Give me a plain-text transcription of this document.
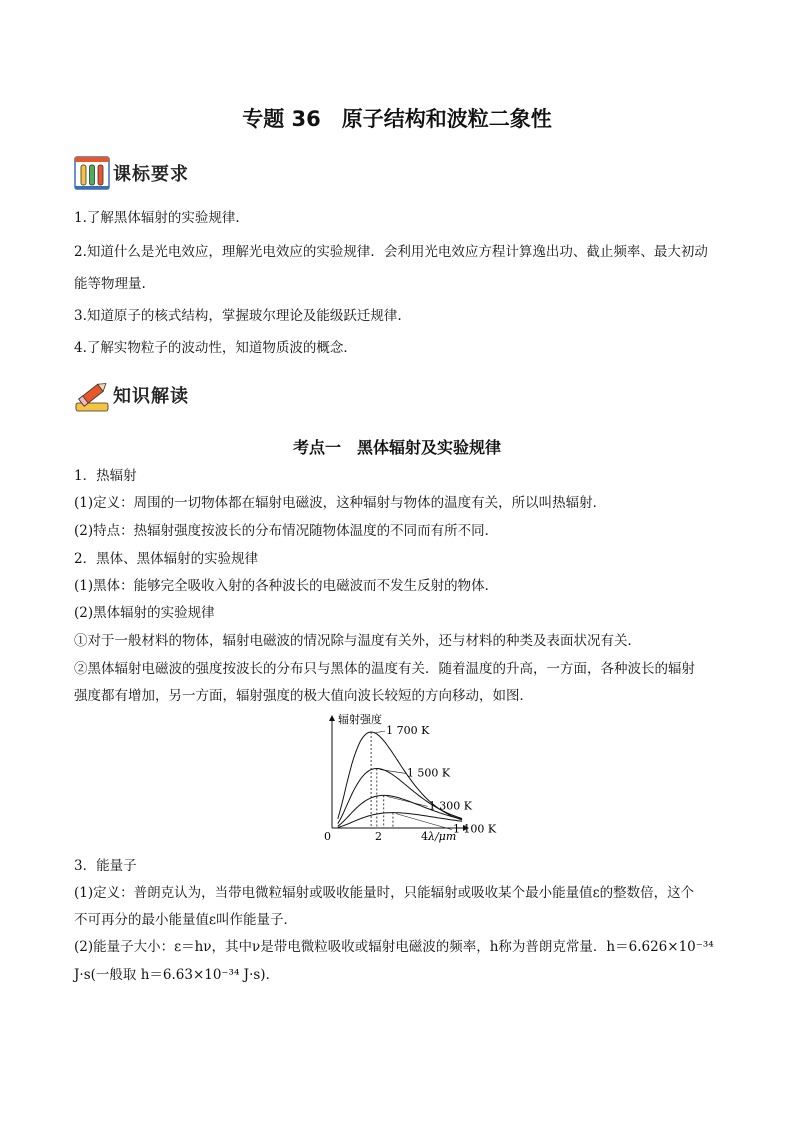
专题 36　原子结构和波粒二象性
课标要求
1.了解黑体辐射的实验规律.
2.知道什么是光电效应，理解光电效应的实验规律．会利用光电效应方程计算逸出功、截止频率、最大初动
能等物理量.
3.知道原子的核式结构，掌握玻尔理论及能级跃迁规律.
4.了解实物粒子的波动性，知道物质波的概念．
知识解读
考点一　黑体辐射及实验规律
1．热辐射
(1)定义：周围的一切物体都在辐射电磁波，这种辐射与物体的温度有关，所以叫热辐射．
(2)特点：热辐射强度按波长的分布情况随物体温度的不同而有所不同．
2．黑体、黑体辐射的实验规律
(1)黑体：能够完全吸收入射的各种波长的电磁波而不发生反射的物体．
(2)黑体辐射的实验规律
①对于一般材料的物体，辐射电磁波的情况除与温度有关外，还与材料的种类及表面状况有关．
②黑体辐射电磁波的强度按波长的分布只与黑体的温度有关．随着温度的升高，一方面，各种波长的辐射
强度都有增加，另一方面，辐射强度的极大值向波长较短的方向移动，如图．
辐射强度
λ/μm
0	2	4
1 700 K
1 500 K
1 300 K
1 100 K
3．能量子
(1)定义：普朗克认为，当带电微粒辐射或吸收能量时，只能辐射或吸收某个最小能量值ε的整数倍，这个
不可再分的最小能量值ε叫作能量子．
(2)能量子大小：ε＝hν，其中ν是带电微粒吸收或辐射电磁波的频率，h称为普朗克常量．h＝6.626×10⁻³⁴
J·s(一般取 h＝6.63×10⁻³⁴ J·s)．
